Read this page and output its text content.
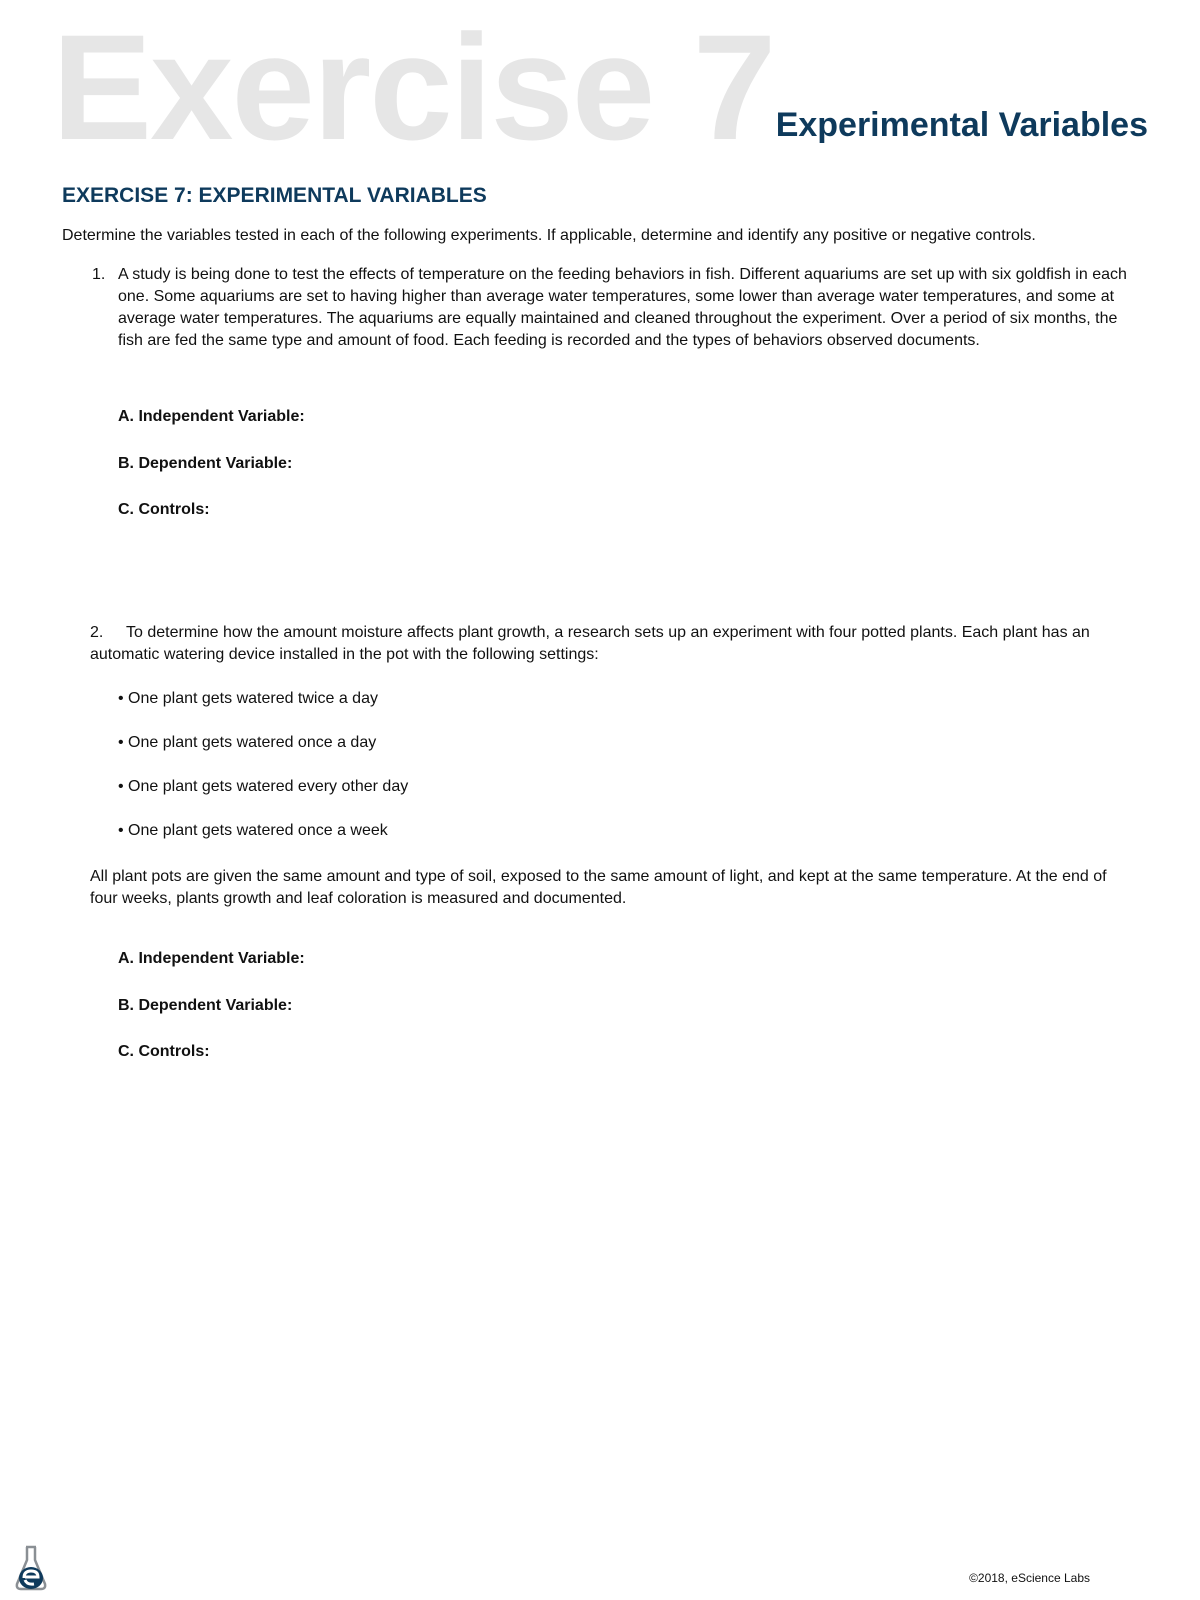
Exercise 7 Experimental Variables
EXERCISE 7: EXPERIMENTAL VARIABLES
Determine the variables tested in each of the following experiments. If applicable, determine and identify any positive or negative controls.
1. A study is being done to test the effects of temperature on the feeding behaviors in fish. Different aquariums are set up with six goldfish in each one. Some aquariums are set to having higher than average water temperatures, some lower than average water temperatures, and some at average water temperatures. The aquariums are equally maintained and cleaned throughout the experiment. Over a period of six months, the fish are fed the same type and amount of food. Each feeding is recorded and the types of behaviors observed documents.
A. Independent Variable:
B. Dependent Variable:
C. Controls:
2. To determine how the amount moisture affects plant growth, a research sets up an experiment with four potted plants. Each plant has an automatic watering device installed in the pot with the following settings:
• One plant gets watered twice a day
• One plant gets watered once a day
• One plant gets watered every other day
• One plant gets watered once a week
All plant pots are given the same amount and type of soil, exposed to the same amount of light, and kept at the same temperature. At the end of four weeks, plants growth and leaf coloration is measured and documented.
A. Independent Variable:
B. Dependent Variable:
C. Controls:
©2018, eScience Labs
